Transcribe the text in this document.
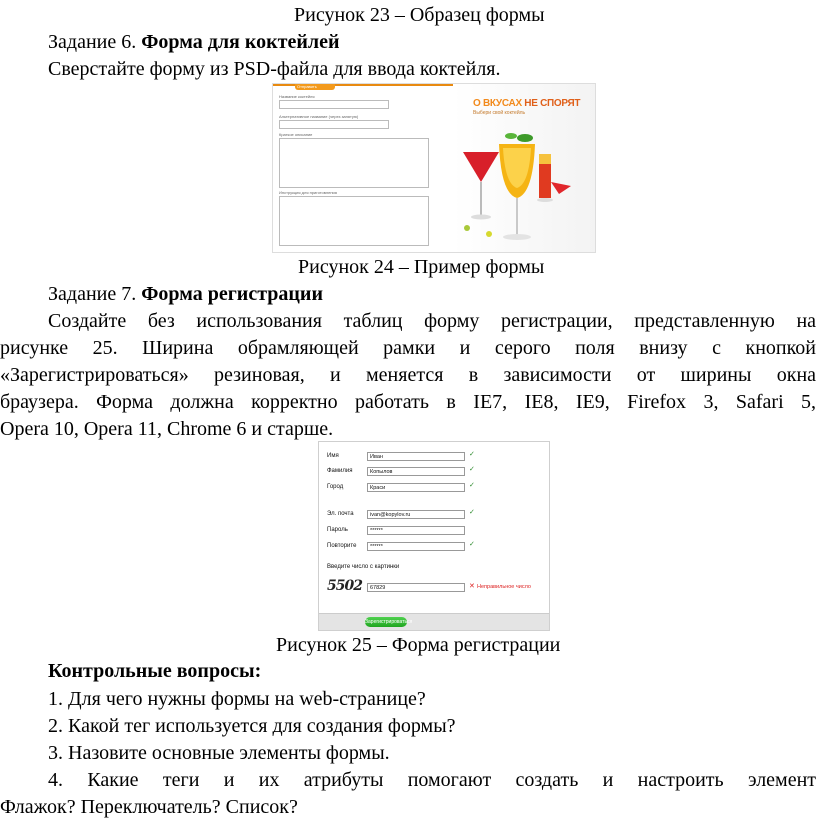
Рисунок 23 – Образец формы
Задание 6. Форма для коктейлей
Сверстайте форму из PSD-файла для ввода коктейля.
Отправить
Название коктейля
Альтернативное название (через запятую)
Краткое описание
Инструкция для приготовления
О ВКУСАХ НЕ СПОРЯТ
Выбери свой коктейль
Рисунок 24 – Пример формы
Задание 7. Форма регистрации
Создайте без использования таблиц форму регистрации, представленную на
рисунке 25. Ширина обрамляющей рамки и серого поля внизу с кнопкой
«Зарегистрироваться» резиновая, и меняется в зависимости от ширины окна
браузера. Форма должна корректно работать в IE7, IE8, IE9, Firefox 3, Safari 5,
Opera 10, Opera 11, Chrome 6 и старше.
Имя	Иван	✓
Фамилия	Копылов	✓
Город	Краси	✓
Эл. почта	ivan@kopylov.ru	✓
Пароль	******
Повторите	******	✓
Введите число с картинки
5502	67829	✕ Неправильное число
Зарегистрироваться
Рисунок 25 – Форма регистрации
Контрольные вопросы:
1. Для чего нужны формы на web-странице?
2. Какой тег используется для создания формы?
3. Назовите основные элементы формы.
4. Какие теги и их атрибуты помогают создать и настроить элемент
Флажок? Переключатель? Список?
